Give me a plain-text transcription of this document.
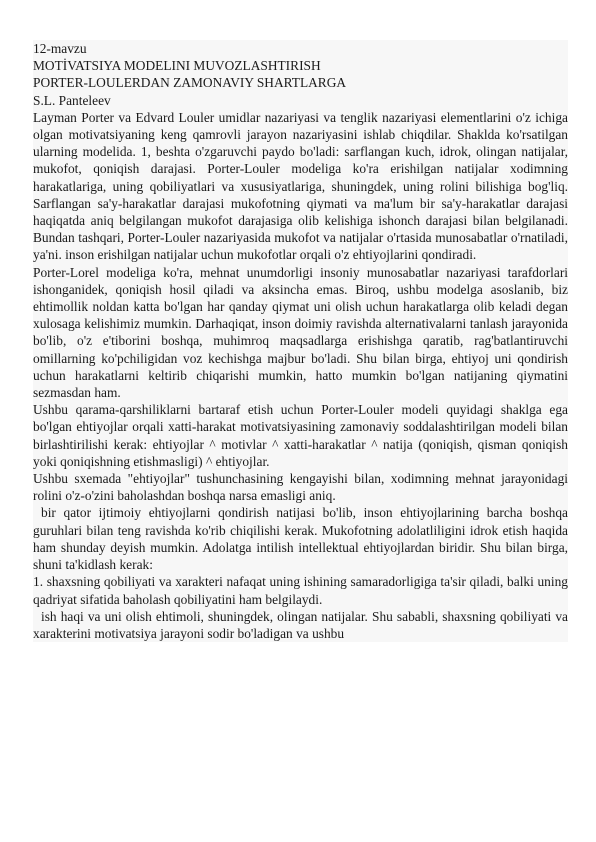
12-mavzu
MOTİVATSIYA MODELINI MUVOZLASHTIRISH
PORTER-LOULERDAN ZAMONAVIY SHARTLARGA
S.L. Panteleev

Layman Porter va Edvard Louler umidlar nazariyasi va tenglik nazariyasi elementlarini o'z ichiga olgan motivatsiyaning keng qamrovli jarayon nazariyasini ishlab chiqdilar. Shaklda ko'rsatilgan ularning modelida. 1, beshta o'zgaruvchi paydo bo'ladi: sarflangan kuch, idrok, olingan natijalar, mukofot, qoniqish darajasi. Porter-Louler modeliga ko'ra erishilgan natijalar xodimning harakatlariga, uning qobiliyatlari va xususiyatlariga, shuningdek, uning rolini bilishiga bog'liq. Sarflangan sa'y-harakatlar darajasi mukofotning qiymati va ma'lum bir sa'y-harakatlar darajasi haqiqatda aniq belgilangan mukofot darajasiga olib kelishiga ishonch darajasi bilan belgilanadi. Bundan tashqari, Porter-Louler nazariyasida mukofot va natijalar o'rtasida munosabatlar o'rnatiladi, ya'ni. inson erishilgan natijalar uchun mukofotlar orqali o'z ehtiyojlarini qondiradi.

Porter-Lorel modeliga ko'ra, mehnat unumdorligi insoniy munosabatlar nazariyasi tarafdorlari ishonganidek, qoniqish hosil qiladi va aksincha emas. Biroq, ushbu modelga asoslanib, biz ehtimollik noldan katta bo'lgan har qanday qiymat uni olish uchun harakatlarga olib keladi degan xulosaga kelishimiz mumkin. Darhaqiqat, inson doimiy ravishda alternativalarni tanlash jarayonida bo'lib, o'z e'tiborini boshqa, muhimroq maqsadlarga erishishga qaratib, rag'batlantiruvchi omillarning ko'pchiligidan voz kechishga majbur bo'ladi. Shu bilan birga, ehtiyoj uni qondirish uchun harakatlarni keltirib chiqarishi mumkin, hatto mumkin bo'lgan natijaning qiymatini sezmasdan ham.

Ushbu qarama-qarshiliklarni bartaraf etish uchun Porter-Louler modeli quyidagi shaklga ega bo'lgan ehtiyojlar orqali xatti-harakat motivatsiyasining zamonaviy soddalashtirilgan modeli bilan birlashtirilishi kerak: ehtiyojlar ^ motivlar ^ xatti-harakatlar ^ natija (qoniqish, qisman qoniqish yoki qoniqishning etishmasligi) ^ ehtiyojlar.

Ushbu sxemada "ehtiyojlar" tushunchasining kengayishi bilan, xodimning mehnat jarayonidagi rolini o'z-o'zini baholashdan boshqa narsa emasligi aniq.

bir qator ijtimoiy ehtiyojlarni qondirish natijasi bo'lib, inson ehtiyojlarining barcha boshqa guruhlari bilan teng ravishda ko'rib chiqilishi kerak. Mukofotning adolatliligini idrok etish haqida ham shunday deyish mumkin. Adolatga intilish intellektual ehtiyojlardan biridir. Shu bilan birga, shuni ta'kidlash kerak:

1. shaxsning qobiliyati va xarakteri nafaqat uning ishining samaradorligiga ta'sir qiladi, balki uning qadriyat sifatida baholash qobiliyatini ham belgilaydi.

ish haqi va uni olish ehtimoli, shuningdek, olingan natijalar. Shu sababli, shaxsning qobiliyati va xarakterini motivatsiya jarayoni sodir bo'ladigan va ushbu
